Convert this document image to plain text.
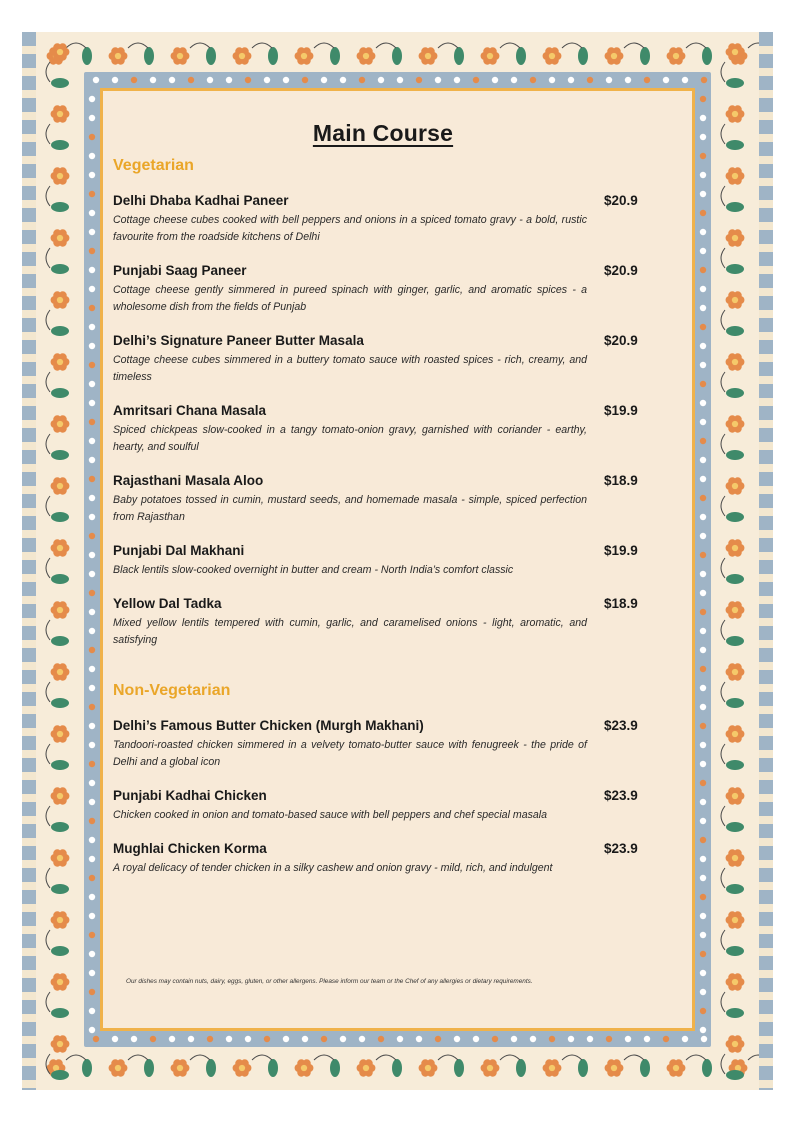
Main Course
Vegetarian
Delhi Dhaba Kadhai Paneer	$20.9
Cottage cheese cubes cooked with bell peppers and onions in a spiced tomato gravy - a bold, rustic favourite from the roadside kitchens of Delhi
Punjabi Saag Paneer	$20.9
Cottage cheese gently simmered in pureed spinach with ginger, garlic, and aromatic spices - a wholesome dish from the fields of Punjab
Delhi’s Signature Paneer Butter Masala	$20.9
Cottage cheese cubes simmered in a buttery tomato sauce with roasted spices - rich, creamy, and timeless
Amritsari Chana Masala	$19.9
Spiced chickpeas slow-cooked in a tangy tomato-onion gravy, garnished with coriander - earthy, hearty, and soulful
Rajasthani Masala Aloo	$18.9
Baby potatoes tossed in cumin, mustard seeds, and homemade masala - simple, spiced perfection from Rajasthan
Punjabi Dal Makhani	$19.9
Black lentils slow-cooked overnight in butter and cream - North India’s comfort classic
Yellow Dal Tadka	$18.9
Mixed yellow lentils tempered with cumin, garlic, and caramelised onions - light, aromatic, and satisfying
Non-Vegetarian
Delhi’s Famous Butter Chicken (Murgh Makhani)	$23.9
Tandoori-roasted chicken simmered in a velvety tomato-butter sauce with fenugreek - the pride of Delhi and a global icon
Punjabi Kadhai Chicken	$23.9
Chicken cooked in onion and tomato-based sauce with bell peppers and chef special masala
Mughlai Chicken Korma	$23.9
A royal delicacy of tender chicken in a silky cashew and onion gravy - mild, rich, and indulgent
Our dishes may contain nuts, dairy, eggs, gluten, or other allergens. Please inform our team or the Chef of any allergies or dietary requirements.
